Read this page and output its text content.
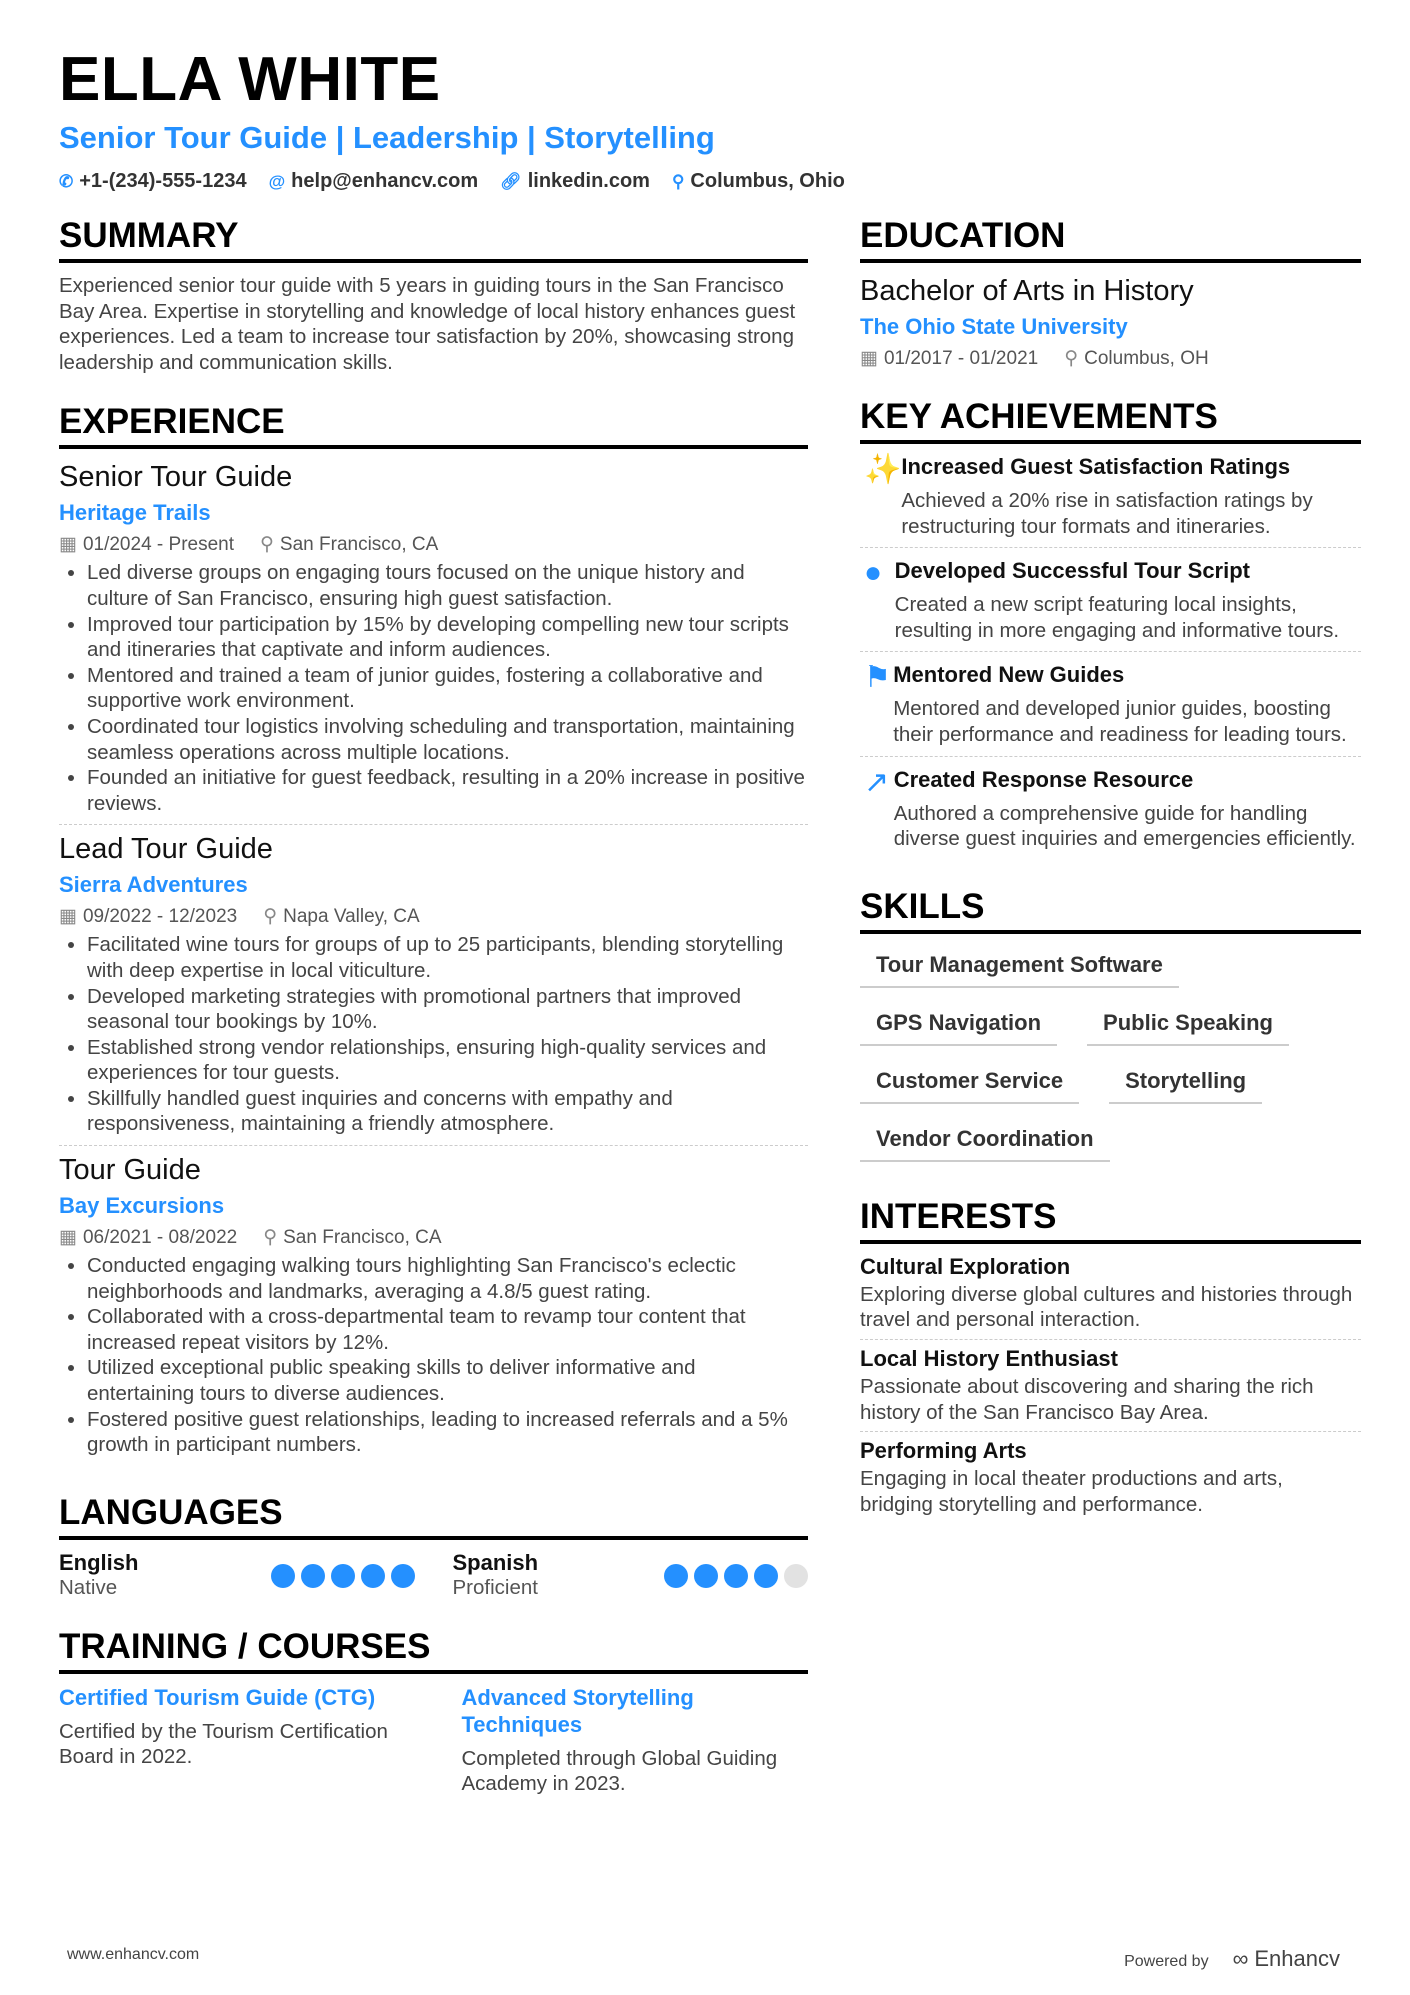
ELLA WHITE
Senior Tour Guide | Leadership | Storytelling
✆ +1-(234)-555-1234 @ help@enhancv.com 🔗︎ linkedin.com ⚲ Columbus, Ohio
SUMMARY
Experienced senior tour guide with 5 years in guiding tours in the San Francisco Bay Area. Expertise in storytelling and knowledge of local history enhances guest experiences. Led a team to increase tour satisfaction by 20%, showcasing strong leadership and communication skills.
EXPERIENCE
Senior Tour Guide
Heritage Trails
▦ 01/2024 - Present ⚲ San Francisco, CA
• Led diverse groups on engaging tours focused on the unique history and culture of San Francisco, ensuring high guest satisfaction.
• Improved tour participation by 15% by developing compelling new tour scripts and itineraries that captivate and inform audiences.
• Mentored and trained a team of junior guides, fostering a collaborative and supportive work environment.
• Coordinated tour logistics involving scheduling and transportation, maintaining seamless operations across multiple locations.
• Founded an initiative for guest feedback, resulting in a 20% increase in positive reviews.
Lead Tour Guide
Sierra Adventures
▦ 09/2022 - 12/2023 ⚲ Napa Valley, CA
• Facilitated wine tours for groups of up to 25 participants, blending storytelling with deep expertise in local viticulture.
• Developed marketing strategies with promotional partners that improved seasonal tour bookings by 10%.
• Established strong vendor relationships, ensuring high-quality services and experiences for tour guests.
• Skillfully handled guest inquiries and concerns with empathy and responsiveness, maintaining a friendly atmosphere.
Tour Guide
Bay Excursions
▦ 06/2021 - 08/2022 ⚲ San Francisco, CA
• Conducted engaging walking tours highlighting San Francisco's eclectic neighborhoods and landmarks, averaging a 4.8/5 guest rating.
• Collaborated with a cross-departmental team to revamp tour content that increased repeat visitors by 12%.
• Utilized exceptional public speaking skills to deliver informative and entertaining tours to diverse audiences.
• Fostered positive guest relationships, leading to increased referrals and a 5% growth in participant numbers.
LANGUAGES
English
Native
Spanish
Proficient
TRAINING / COURSES
Certified Tourism Guide (CTG)
Certified by the Tourism Certification Board in 2022.
Advanced Storytelling Techniques
Completed through Global Guiding Academy in 2023.
EDUCATION
Bachelor of Arts in History
The Ohio State University
▦ 01/2017 - 01/2021 ⚲ Columbus, OH
KEY ACHIEVEMENTS
✨ Increased Guest Satisfaction Ratings
Achieved a 20% rise in satisfaction ratings by restructuring tour formats and itineraries.
● Developed Successful Tour Script
Created a new script featuring local insights, resulting in more engaging and informative tours.
⚑ Mentored New Guides
Mentored and developed junior guides, boosting their performance and readiness for leading tours.
↗ Created Response Resource
Authored a comprehensive guide for handling diverse guest inquiries and emergencies efficiently.
SKILLS
Tour Management Software
GPS Navigation	Public Speaking
Customer Service	Storytelling
Vendor Coordination
INTERESTS
Cultural Exploration
Exploring diverse global cultures and histories through travel and personal interaction.
Local History Enthusiast
Passionate about discovering and sharing the rich history of the San Francisco Bay Area.
Performing Arts
Engaging in local theater productions and arts, bridging storytelling and performance.
www.enhancv.com	Powered by ∞ Enhancv
